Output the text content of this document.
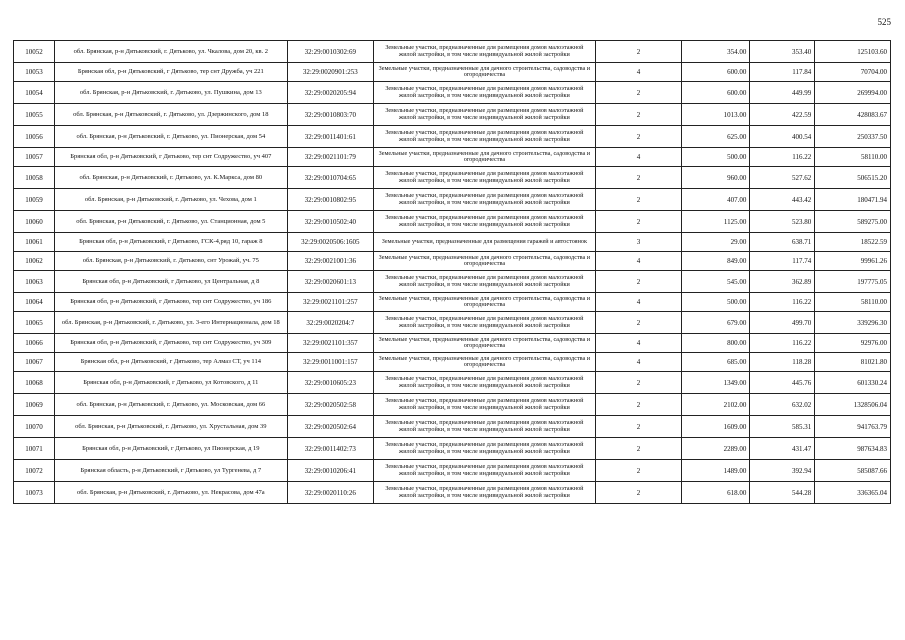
525
10052	обл. Брянская, р-н Дятьковский, г. Дятьково, ул. Чкалова, дом 20, кв. 2	32:29:0010302:69	Земельные участки, предназначенные для размещения домов малоэтажной жилой застройки, в том числе индивидуальной жилой застройки	2	354.00	353.40	125103.60
10053	Брянская обл, р-н Дятьковский, г Дятьково, тер снт Дружба, уч 221	32:29:0020901:253	Земельные участки, предназначенные для дачного строительства, садоводства и огородничества	4	600.00	117.84	70704.00
10054	обл. Брянская, р-н Дятьковский, г. Дятьково, ул. Пушкина, дом 13	32:29:0020205:94	Земельные участки, предназначенные для размещения домов малоэтажной жилой застройки, в том числе индивидуальной жилой застройки	2	600.00	449.99	269994.00
10055	обл. Брянская, р-н Дятьковский, г. Дятьково, ул. Дзержинского, дом 18	32:29:0010803:70	Земельные участки, предназначенные для размещения домов малоэтажной жилой застройки, в том числе индивидуальной жилой застройки	2	1013.00	422.59	428083.67
10056	обл. Брянская, р-н Дятьковский, г. Дятьково, ул. Пионерская, дом 54	32:29:0011401:61	Земельные участки, предназначенные для размещения домов малоэтажной жилой застройки, в том числе индивидуальной жилой застройки	2	625.00	400.54	250337.50
10057	Брянская обл, р-н Дятьковский, г Дятьково, тер снт Содружество, уч 407	32:29:0021101:79	Земельные участки, предназначенные для дачного строительства, садоводства и огородничества	4	500.00	116.22	58110.00
10058	обл. Брянская, р-н Дятьковский, г. Дятьково, ул. К.Маркса, дом 80	32:29:0010704:65	Земельные участки, предназначенные для размещения домов малоэтажной жилой застройки, в том числе индивидуальной жилой застройки	2	960.00	527.62	506515.20
10059	обл. Брянская, р-н Дятьковский, г. Дятьково, ул. Чехова, дом 1	32:29:0010802:95	Земельные участки, предназначенные для размещения домов малоэтажной жилой застройки, в том числе индивидуальной жилой застройки	2	407.00	443.42	180471.94
10060	обл. Брянская, р-н Дятьковский, г. Дятьково, ул. Станционная, дом 5	32:29:0010502:40	Земельные участки, предназначенные для размещения домов малоэтажной жилой застройки, в том числе индивидуальной жилой застройки	2	1125.00	523.80	589275.00
10061	Брянская обл, р-н Дятьковский, г Дятьково, ГСК-4,ряд 10, гараж 8	32:29:0020506:1605	Земельные участки, предназначенные для размещения гаражей и автостоянок	3	29.00	638.71	18522.59
10062	обл. Брянская, р-н Дятьковский, г. Дятьково, снт Урожай, уч. 75	32:29:0021001:36	Земельные участки, предназначенные для дачного строительства, садоводства и огородничества	4	849.00	117.74	99961.26
10063	Брянская обл, р-н Дятьковский, г Дятьково, ул Центральная, д 8	32:29:0020601:13	Земельные участки, предназначенные для размещения домов малоэтажной жилой застройки, в том числе индивидуальной жилой застройки	2	545.00	362.89	197775.05
10064	Брянская обл, р-н Дятьковский, г Дятьково, тер снт Содружество, уч 186	32:29:0021101:257	Земельные участки, предназначенные для дачного строительства, садоводства и огородничества	4	500.00	116.22	58110.00
10065	обл. Брянская, р-н Дятьковский, г. Дятьково, ул. 3-его Интернационала, дом 18	32:29:0020204:7	Земельные участки, предназначенные для размещения домов малоэтажной жилой застройки, в том числе индивидуальной жилой застройки	2	679.00	499.70	339296.30
10066	Брянская обл, р-н Дятьковский, г Дятьково, тер снт Содружество, уч 309	32:29:0021101:357	Земельные участки, предназначенные для дачного строительства, садоводства и огородничества	4	800.00	116.22	92976.00
10067	Брянская обл, р-н Дятьковский, г Дятьково, тер Алмаз СТ, уч 114	32:29:0011001:157	Земельные участки, предназначенные для дачного строительства, садоводства и огородничества	4	685.00	118.28	81021.80
10068	Брянская обл, р-н Дятьковский, г Дятьково, ул Котовского, д 11	32:29:0010605:23	Земельные участки, предназначенные для размещения домов малоэтажной жилой застройки, в том числе индивидуальной жилой застройки	2	1349.00	445.76	601330.24
10069	обл. Брянская, р-н Дятьковский, г. Дятьково, ул. Московская, дом 66	32:29:0020502:58	Земельные участки, предназначенные для размещения домов малоэтажной жилой застройки, в том числе индивидуальной жилой застройки	2	2102.00	632.02	1328506.04
10070	обл. Брянская, р-н Дятьковский, г. Дятьково, ул. Хрустальная, дом 39	32:29:0020502:64	Земельные участки, предназначенные для размещения домов малоэтажной жилой застройки, в том числе индивидуальной жилой застройки	2	1609.00	585.31	941763.79
10071	Брянская обл, р-н Дятьковский, г Дятьково, ул Пионерская, д 19	32:29:0011402:73	Земельные участки, предназначенные для размещения домов малоэтажной жилой застройки, в том числе индивидуальной жилой застройки	2	2289.00	431.47	987634.83
10072	Брянская область, р-н Дятьковский, г Дятьково, ул Тургенева, д 7	32:29:0010206:41	Земельные участки, предназначенные для размещения домов малоэтажной жилой застройки, в том числе индивидуальной жилой застройки	2	1489.00	392.94	585087.66
10073	обл. Брянская, р-н Дятьковский, г. Дятьково, ул. Некрасова, дом 47а	32:29:0020110:26	Земельные участки, предназначенные для размещения домов малоэтажной жилой застройки, в том числе индивидуальной жилой застройки	2	618.00	544.28	336365.04
